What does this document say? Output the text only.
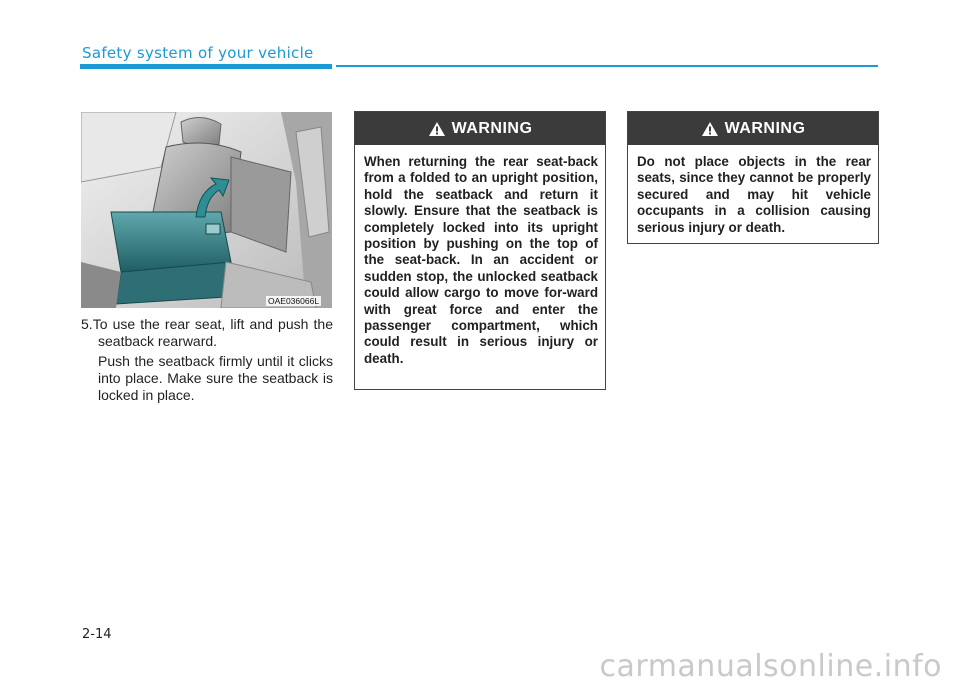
Safety system of your vehicle
OAE036066L

5.To use the rear seat, lift and push the seatback rearward.

Push the seatback firmly until it clicks into place. Make sure the seatback is locked in place.
WARNING
When returning the rear seat-back from a folded to an upright position, hold the seatback and return it slowly. Ensure that the seatback is completely locked into its upright position by pushing on the top of the seat-back. In an accident or sudden stop, the unlocked seatback could allow cargo to move for-ward with great force and enter the passenger compartment, which could result in serious injury or death.
WARNING
Do not place objects in the rear seats, since they cannot be properly secured and may hit vehicle occupants in a collision causing serious injury or death.
2-14
carmanualsonline.info
